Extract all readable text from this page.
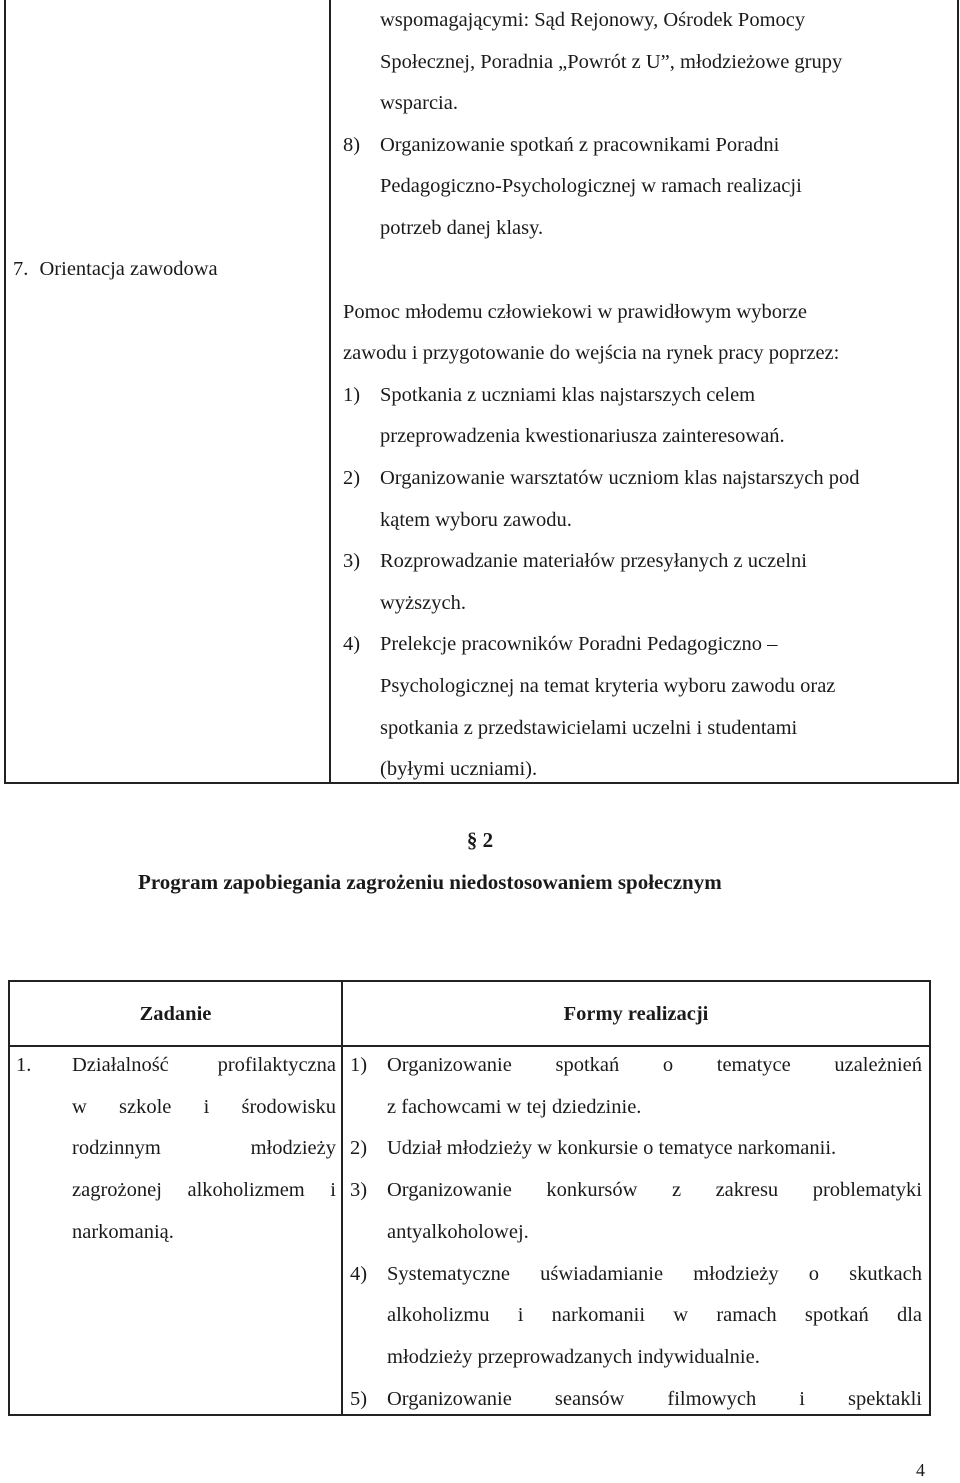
7. Orientacja zawodowa
wspomagającymi: Sąd Rejonowy, Ośrodek Pomocy
Społecznej, Poradnia „Powrót z U”, młodzieżowe grupy
wsparcia.
8) Organizowanie spotkań z pracownikami Poradni
Pedagogiczno-Psychologicznej w ramach realizacji
potrzeb danej klasy.
Pomoc młodemu człowiekowi w prawidłowym wyborze
zawodu i przygotowanie do wejścia na rynek pracy poprzez:
1) Spotkania z uczniami klas najstarszych celem
przeprowadzenia kwestionariusza zainteresowań.
2) Organizowanie warsztatów uczniom klas najstarszych pod
kątem wyboru zawodu.
3) Rozprowadzanie materiałów przesyłanych z uczelni
wyższych.
4) Prelekcje pracowników Poradni Pedagogiczno –
Psychologicznej na temat kryteria wyboru zawodu oraz
spotkania z przedstawicielami uczelni i studentami
(byłymi uczniami).
§ 2
Program zapobiegania zagrożeniu niedostosowaniem społecznym
Zadanie	Formy realizacji
1.	Działalność profilaktyczna
w szkole i środowisku
rodzinnym młodzieży
zagrożonej alkoholizmem i
narkomanią.
1) Organizowanie spotkań o tematyce uzależnień
z fachowcami w tej dziedzinie.
2) Udział młodzieży w konkursie o tematyce narkomanii.
3) Organizowanie konkursów z zakresu problematyki
antyalkoholowej.
4) Systematyczne uświadamianie młodzieży o skutkach
alkoholizmu i narkomanii w ramach spotkań dla
młodzieży przeprowadzanych indywidualnie.
5) Organizowanie seansów filmowych i spektakli
4
